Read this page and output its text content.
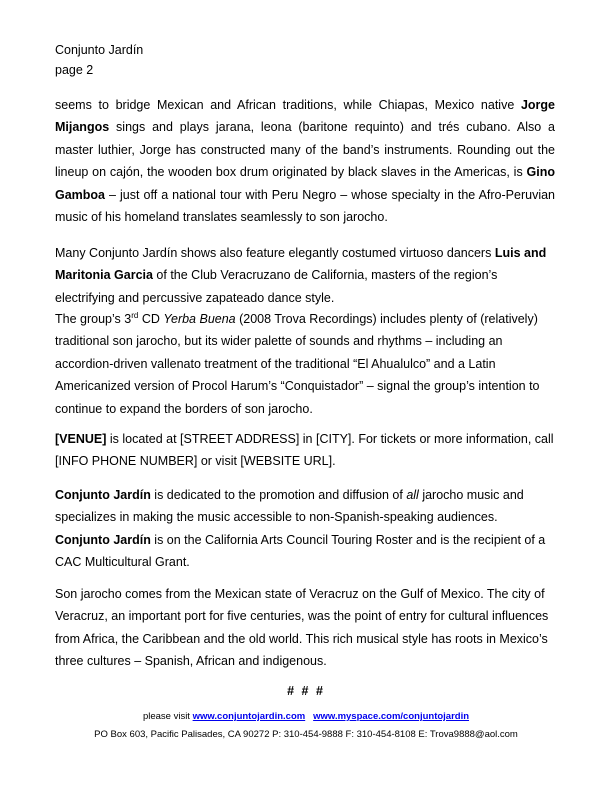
Conjunto Jardín
page 2

seems to bridge Mexican and African traditions, while Chiapas, Mexico native Jorge Mijangos sings and plays jarana, leona (baritone requinto) and trés cubano. Also a master luthier, Jorge has constructed many of the band’s instruments. Rounding out the lineup on cajón, the wooden box drum originated by black slaves in the Americas, is Gino Gamboa – just off a national tour with Peru Negro – whose specialty in the Afro-Peruvian music of his homeland translates seamlessly to son jarocho.

Many Conjunto Jardín shows also feature elegantly costumed virtuoso dancers Luis and Maritonia Garcia of the Club Veracruzano de California, masters of the region’s electrifying and percussive zapateado dance style.

The group’s 3rd CD Yerba Buena (2008 Trova Recordings) includes plenty of (relatively) traditional son jarocho, but its wider palette of sounds and rhythms – including an accordion-driven vallenato treatment of the traditional “El Ahualulco” and a Latin Americanized version of Procol Harum’s “Conquistador” – signal the group’s intention to continue to expand the borders of son jarocho.

[VENUE] is located at [STREET ADDRESS] in [CITY]. For tickets or more information, call [INFO PHONE NUMBER] or visit [WEBSITE URL].

Conjunto Jardín is dedicated to the promotion and diffusion of all jarocho music and specializes in making the music accessible to non-Spanish-speaking audiences. Conjunto Jardín is on the California Arts Council Touring Roster and is the recipient of a CAC Multicultural Grant.

Son jarocho comes from the Mexican state of Veracruz on the Gulf of Mexico. The city of Veracruz, an important port for five centuries, was the point of entry for cultural influences from Africa, the Caribbean and the old world. This rich musical style has roots in Mexico’s three cultures – Spanish, African and indigenous.

# # #
please visit www.conjuntojardin.com www.myspace.com/conjuntojardin
PO Box 603, Pacific Palisades, CA 90272 P: 310-454-9888 F: 310-454-8108 E: Trova9888@aol.com
